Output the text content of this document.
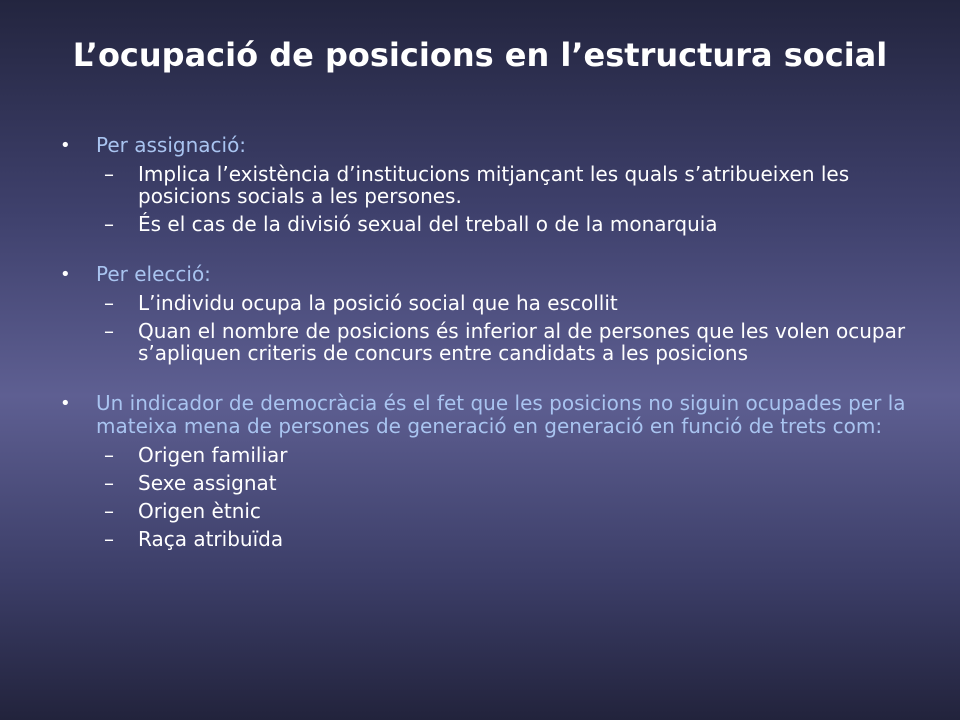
L’ocupació de posicions en l’estructura social
• Per assignació:
– Implica l’existència d’institucions mitjançant les quals s’atribueixen les posicions socials a les persones.
– És el cas de la divisió sexual del treball o de la monarquia
• Per elecció:
– L’individu ocupa la posició social que ha escollit
– Quan el nombre de posicions és inferior al de persones que les volen ocupar s’apliquen criteris de concurs entre candidats a les posicions
• Un indicador de democràcia és el fet que les posicions no siguin ocupades per la mateixa mena de persones de generació en generació en funció de trets com:
– Origen familiar
– Sexe assignat
– Origen ètnic
– Raça atribuïda
